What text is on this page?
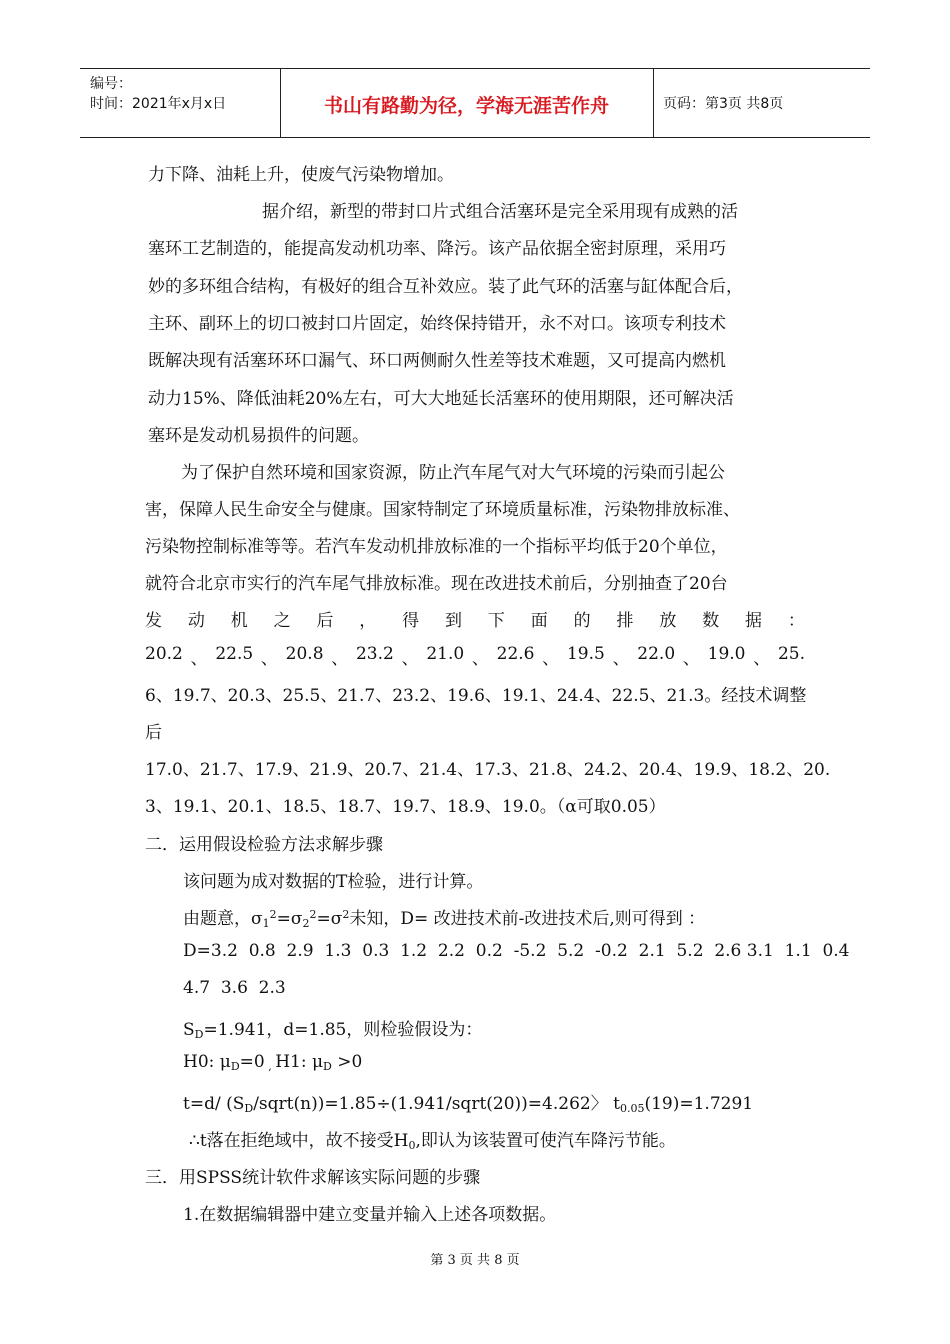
编号：
时间：2021年x月x日	书山有路勤为径，学海无涯苦作舟	页码：第3页 共8页
力下降、油耗上升，使废气污染物增加。
据介绍，新型的带封口片式组合活塞环是完全采用现有成熟的活
塞环工艺制造的，能提高发动机功率、降污。该产品依据全密封原理，采用巧
妙的多环组合结构，有极好的组合互补效应。装了此气环的活塞与缸体配合后，
主环、副环上的切口被封口片固定，始终保持错开，永不对口。该项专利技术
既解决现有活塞环环口漏气、环口两侧耐久性差等技术难题，又可提高内燃机
动力15%、降低油耗20%左右，可大大地延长活塞环的使用期限，还可解决活
塞环是发动机易损件的问题。
为了保护自然环境和国家资源，防止汽车尾气对大气环境的污染而引起公
害，保障人民生命安全与健康。国家特制定了环境质量标准，污染物排放标准、
污染物控制标准等等。若汽车发动机排放标准的一个指标平均低于20个单位，
就符合北京市实行的汽车尾气排放标准。现在改进技术前后，分别抽查了20台
发 动 机 之 后 ， 得 到 下 面 的 排 放 数 据 ：
20.2 、 22.5 、 20.8 、 23.2 、 21.0 、 22.6 、 19.5 、 22.0 、 19.0 、 25.
6、19.7、20.3、25.5、21.7、23.2、19.6、19.1、24.4、22.5、21.3。经技术调整
后
17.0、21.7、17.9、21.9、20.7、21.4、17.3、21.8、24.2、20.4、19.9、18.2、20.
3、19.1、20.1、18.5、18.7、19.7、18.9、19.0。（α可取0.05）
二．运用假设检验方法求解步骤
该问题为成对数据的T检验，进行计算。
由题意，$\sigma_1^2=\sigma_2^2=\sigma^2$未知，D= 改进技术前-改进技术后,则可得到 ：
D=3.2  0.8  2.9  1.3  0.3  1.2  2.2  0.2  -5.2  5.2  -0.2  2.1  5.2  2.6 3.1  1.1  0.4
4.7  3.6  2.3
$S_D=1.941$，d=1.85，则检验假设为：
H0: $\mu_D=0$ $_,$ H1: $\mu_D >0$
t=d/ $(S_D/sqrt(n))=1.85\div(1.941/sqrt(20))=4.262$〉 $t_{0.05}(19)=1.7291$
∴t落在拒绝域中，故不接受$H_0$,即认为该装置可使汽车降污节能。
三．用SPSS统计软件求解该实际问题的步骤
1.在数据编辑器中建立变量并输入上述各项数据。
第 3 页 共 8 页
